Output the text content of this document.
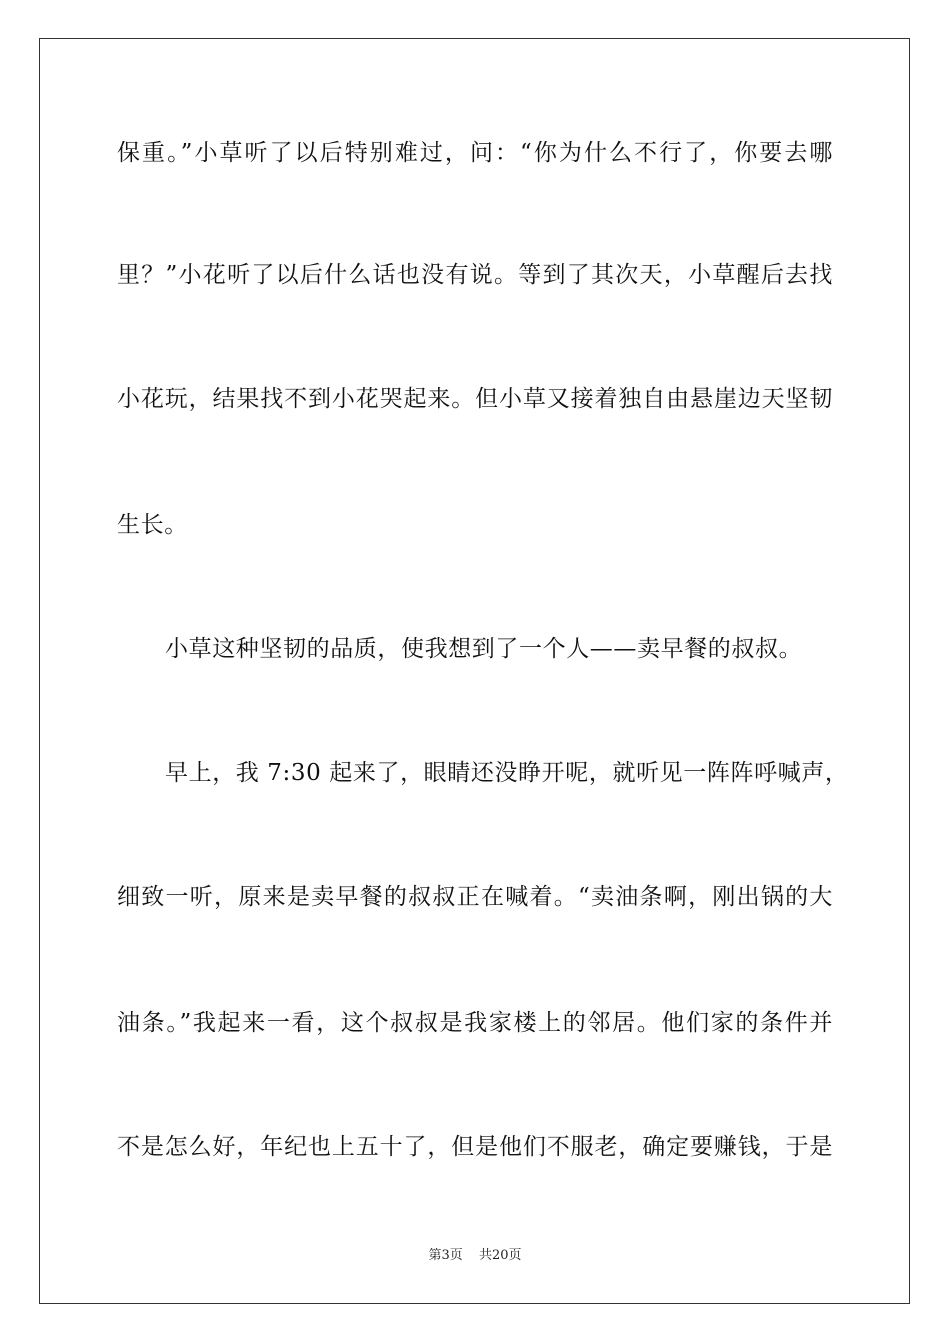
保重。”小草听了以后特别难过，问：“你为什么不行了，你要去哪
里？”小花听了以后什么话也没有说。等到了其次天，小草醒后去找
小花玩，结果找不到小花哭起来。但小草又接着独自由悬崖边天坚韧
生长。
小草这种坚韧的品质，使我想到了一个人——卖早餐的叔叔。
早上，我 7:30 起来了，眼睛还没睁开呢，就听见一阵阵呼喊声，
细致一听，原来是卖早餐的叔叔正在喊着。“卖油条啊，刚出锅的大
油条。”我起来一看，这个叔叔是我家楼上的邻居。他们家的条件并
不是怎么好，年纪也上五十了，但是他们不服老，确定要赚钱，于是
第3页 共20页
